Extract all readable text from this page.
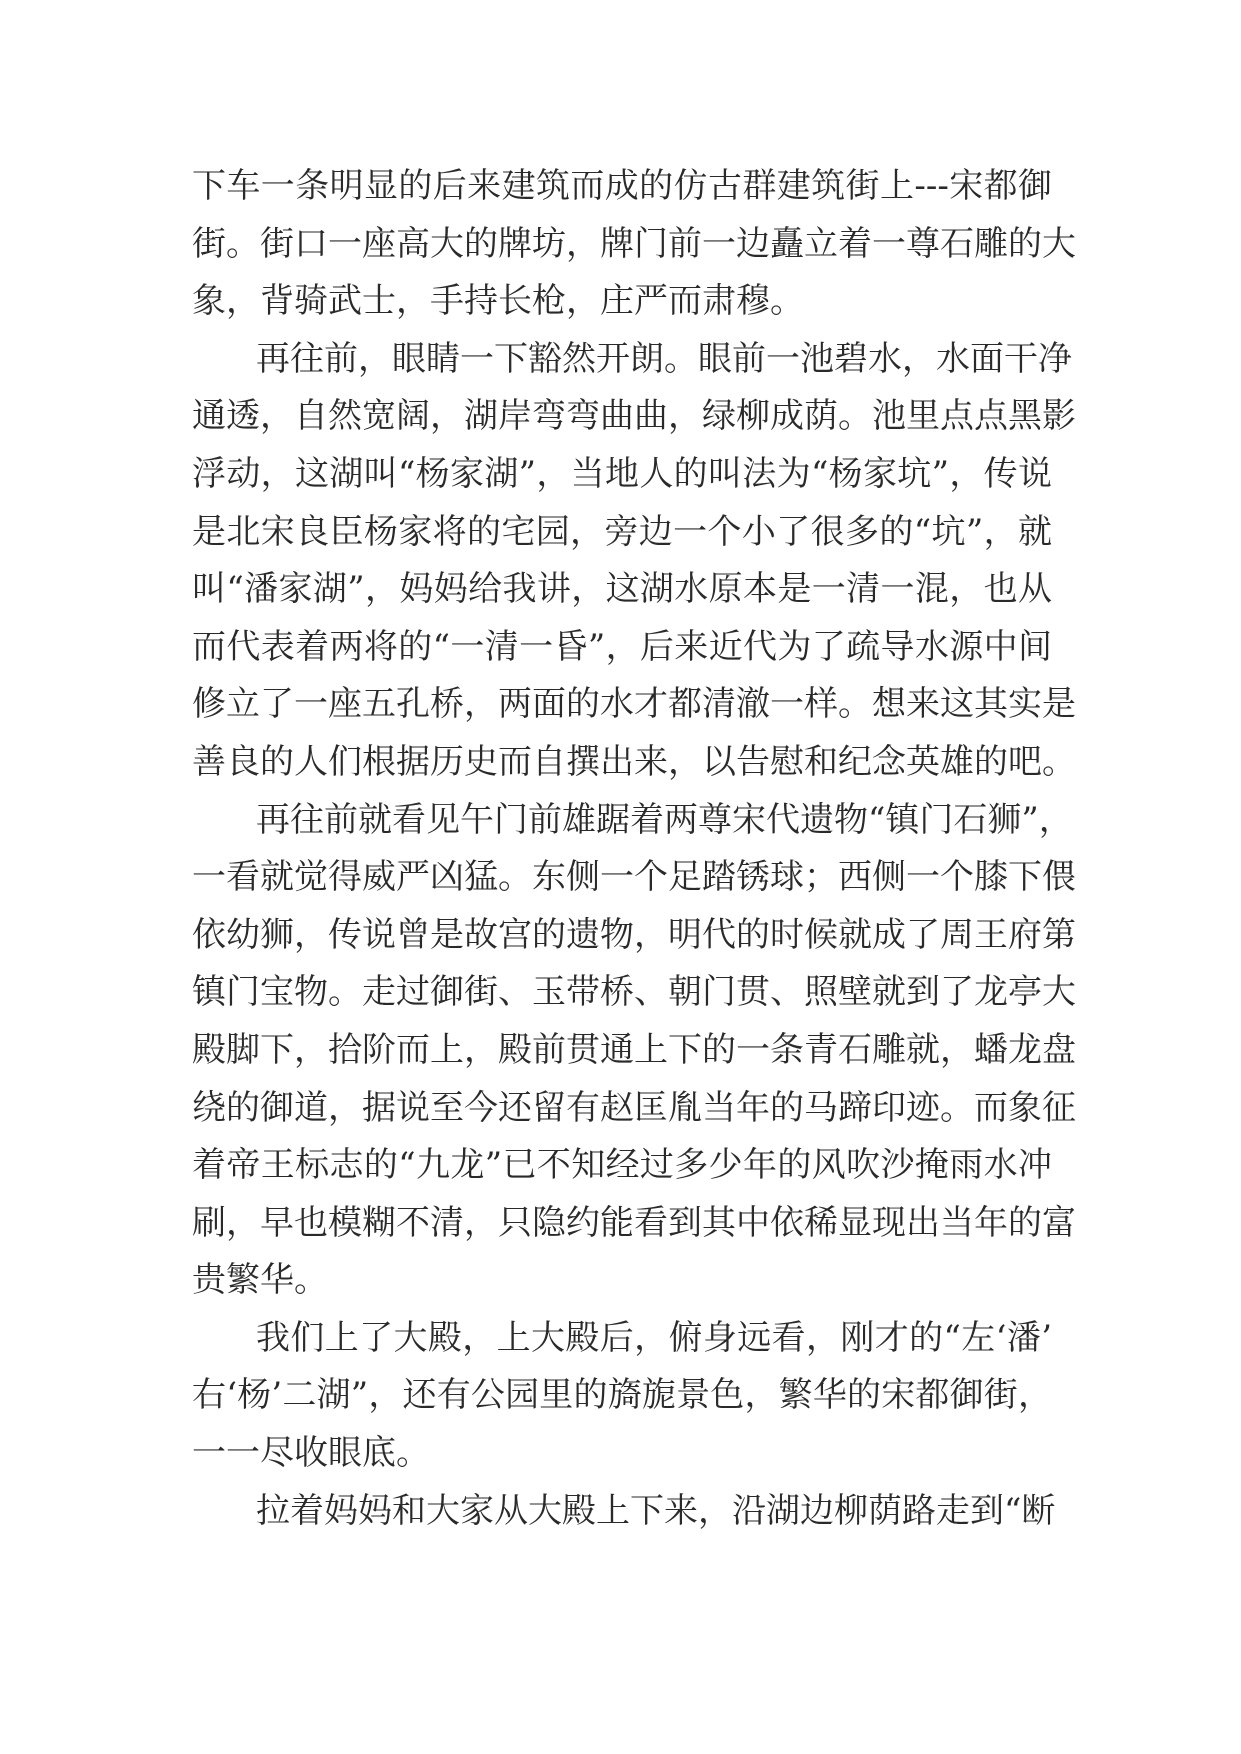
下车一条明显的后来建筑而成的仿古群建筑街上---宋都御
街。街口一座高大的牌坊，牌门前一边矗立着一尊石雕的大
象，背骑武士，手持长枪，庄严而肃穆。
再往前，眼睛一下豁然开朗。眼前一池碧水，水面干净
通透，自然宽阔，湖岸弯弯曲曲，绿柳成荫。池里点点黑影
浮动，这湖叫“杨家湖”，当地人的叫法为“杨家坑”，传说
是北宋良臣杨家将的宅园，旁边一个小了很多的“坑”，就
叫“潘家湖”，妈妈给我讲，这湖水原本是一清一混，也从
而代表着两将的“一清一昏”，后来近代为了疏导水源中间
修立了一座五孔桥，两面的水才都清澈一样。想来这其实是
善良的人们根据历史而自撰出来，以告慰和纪念英雄的吧。
再往前就看见午门前雄踞着两尊宋代遗物“镇门石狮”，
一看就觉得威严凶猛。东侧一个足踏锈球；西侧一个膝下偎
依幼狮，传说曾是故宫的遗物，明代的时候就成了周王府第
镇门宝物。走过御街、玉带桥、朝门贯、照壁就到了龙亭大
殿脚下，拾阶而上，殿前贯通上下的一条青石雕就，蟠龙盘
绕的御道，据说至今还留有赵匡胤当年的马蹄印迹。而象征
着帝王标志的“九龙”已不知经过多少年的风吹沙掩雨水冲
刷，早也模糊不清，只隐约能看到其中依稀显现出当年的富
贵繁华。
我们上了大殿，上大殿后，俯身远看，刚才的“左‘潘’
右‘杨’二湖”，还有公园里的旖旎景色，繁华的宋都御街，
一一尽收眼底。
拉着妈妈和大家从大殿上下来，沿湖边柳荫路走到“断
